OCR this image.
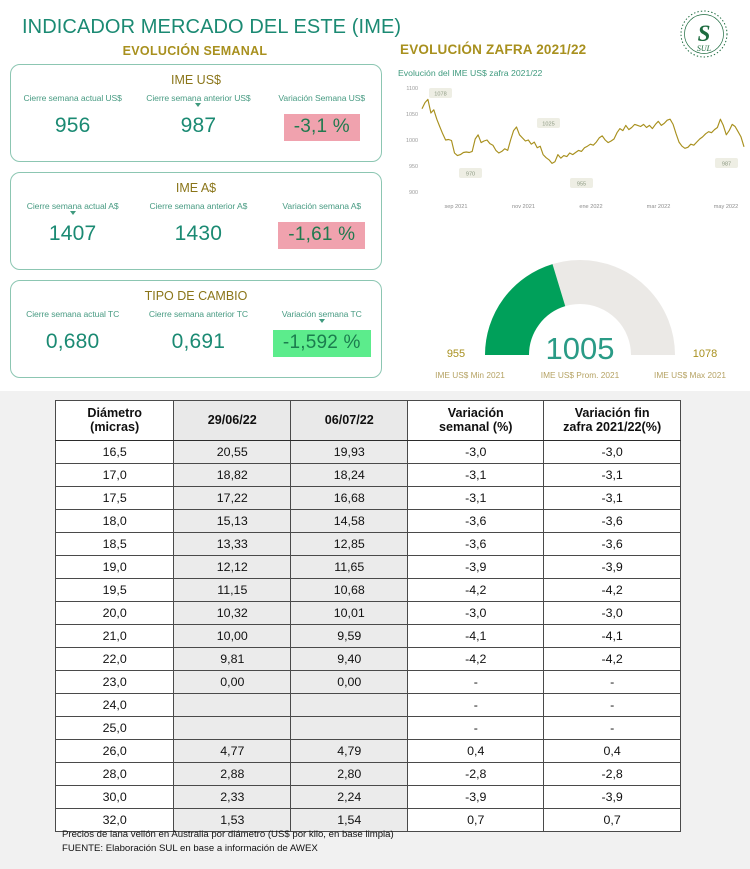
INDICADOR MERCADO DEL ESTE (IME)
EVOLUCIÓN SEMANAL	EVOLUCIÓN ZAFRA 2021/22
S
SUL
IME US$
Cierre semana actual US$
956
Cierre semana anterior US$
987
Variación Semana US$
-3,1 %
IME A$
Cierre semana actual A$
1407
Cierre semana anterior A$
1430
Variación semana A$
-1,61 %
TIPO DE CAMBIO
Cierre semana actual TC
0,680
Cierre semana anterior TC
0,691
Variación semana TC
-1,592 %
Evolución del IME US$ zafra 2021/22
900
950
1000
1050
1100
sep 2021	nov 2021	ene 2022	mar 2022	may 2022
1078
970
1025
955
987
1005
955	1078
IME US$ Min 2021	IME US$ Prom. 2021	IME US$ Max 2021
Diámetro
(micras)	29/06/22	06/07/22	Variación
semanal (%)	Variación fin
zafra 2021/22(%)
16,5	20,55	19,93	-3,0	-3,0
17,0	18,82	18,24	-3,1	-3,1
17,5	17,22	16,68	-3,1	-3,1
18,0	15,13	14,58	-3,6	-3,6
18,5	13,33	12,85	-3,6	-3,6
19,0	12,12	11,65	-3,9	-3,9
19,5	11,15	10,68	-4,2	-4,2
20,0	10,32	10,01	-3,0	-3,0
21,0	10,00	9,59	-4,1	-4,1
22,0	9,81	9,40	-4,2	-4,2
23,0	0,00	0,00	-	-
24,0			-	-
25,0			-	-
26,0	4,77	4,79	0,4	0,4
28,0	2,88	2,80	-2,8	-2,8
30,0	2,33	2,24	-3,9	-3,9
32,0	1,53	1,54	0,7	0,7
Precios de lana vellón en Australia por diámetro (US$ por kilo, en base limpia)
FUENTE: Elaboración SUL en base a información de AWEX
